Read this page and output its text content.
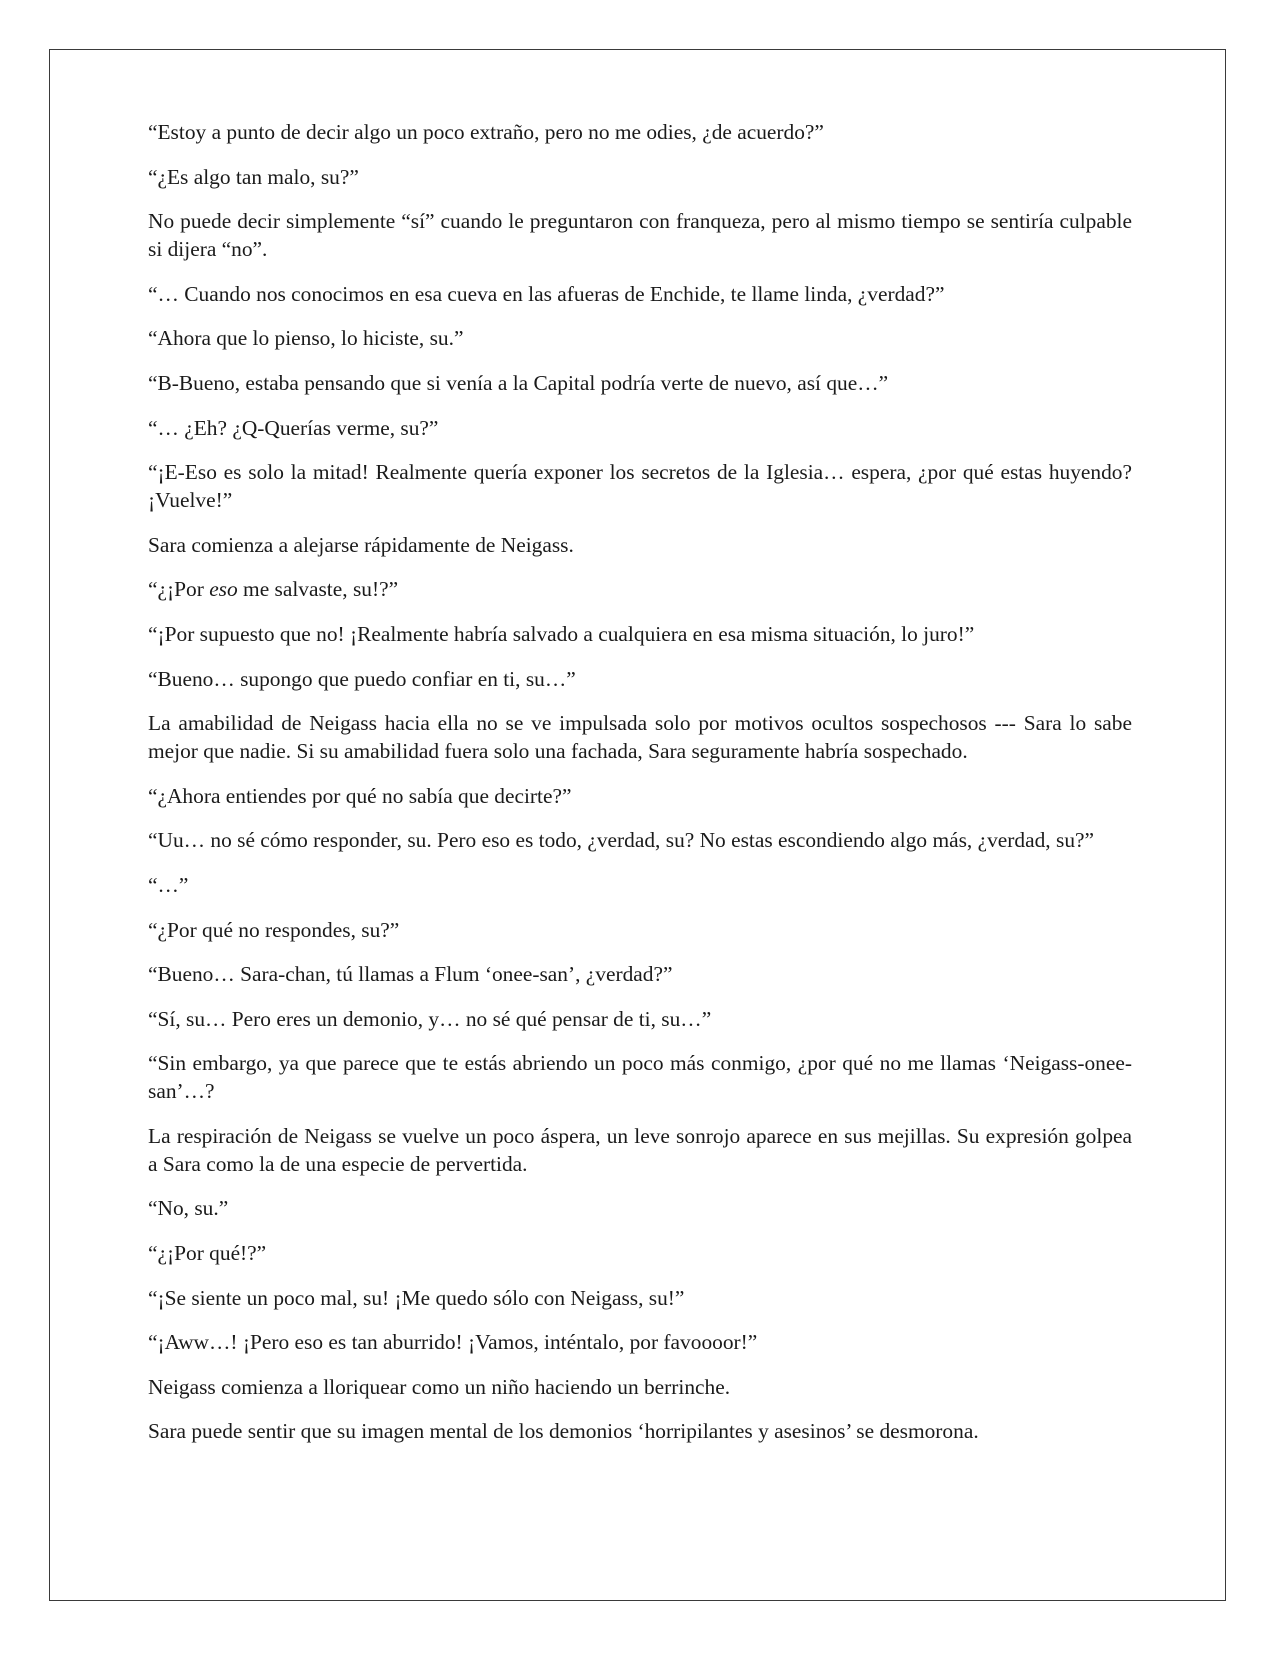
“Estoy a punto de decir algo un poco extraño, pero no me odies, ¿de acuerdo?”

“¿Es algo tan malo, su?”

No puede decir simplemente “sí” cuando le preguntaron con franqueza, pero al mismo tiempo se sentiría culpable si dijera “no”.

“… Cuando nos conocimos en esa cueva en las afueras de Enchide, te llame linda, ¿verdad?”

“Ahora que lo pienso, lo hiciste, su.”

“B-Bueno, estaba pensando que si venía a la Capital podría verte de nuevo, así que…”

“… ¿Eh? ¿Q-Querías verme, su?”

“¡E-Eso es solo la mitad! Realmente quería exponer los secretos de la Iglesia… espera, ¿por qué estas huyendo? ¡Vuelve!”

Sara comienza a alejarse rápidamente de Neigass.

“¿¡Por eso me salvaste, su!?”

“¡Por supuesto que no! ¡Realmente habría salvado a cualquiera en esa misma situación, lo juro!”

“Bueno… supongo que puedo confiar en ti, su…”

La amabilidad de Neigass hacia ella no se ve impulsada solo por motivos ocultos sospechosos --- Sara lo sabe mejor que nadie. Si su amabilidad fuera solo una fachada, Sara seguramente habría sospechado.

“¿Ahora entiendes por qué no sabía que decirte?”

“Uu… no sé cómo responder, su. Pero eso es todo, ¿verdad, su? No estas escondiendo algo más, ¿verdad, su?”

“…”

“¿Por qué no respondes, su?”

“Bueno… Sara-chan, tú llamas a Flum ‘onee-san’, ¿verdad?”

“Sí, su… Pero eres un demonio, y… no sé qué pensar de ti, su…”

“Sin embargo, ya que parece que te estás abriendo un poco más conmigo, ¿por qué no me llamas ‘Neigass-onee-san’…?

La respiración de Neigass se vuelve un poco áspera, un leve sonrojo aparece en sus mejillas. Su expresión golpea a Sara como la de una especie de pervertida.

“No, su.”

“¿¡Por qué!?”

“¡Se siente un poco mal, su! ¡Me quedo sólo con Neigass, su!”

“¡Aww…! ¡Pero eso es tan aburrido! ¡Vamos, inténtalo, por favoooor!”

Neigass comienza a lloriquear como un niño haciendo un berrinche.

Sara puede sentir que su imagen mental de los demonios ‘horripilantes y asesinos’ se desmorona.
